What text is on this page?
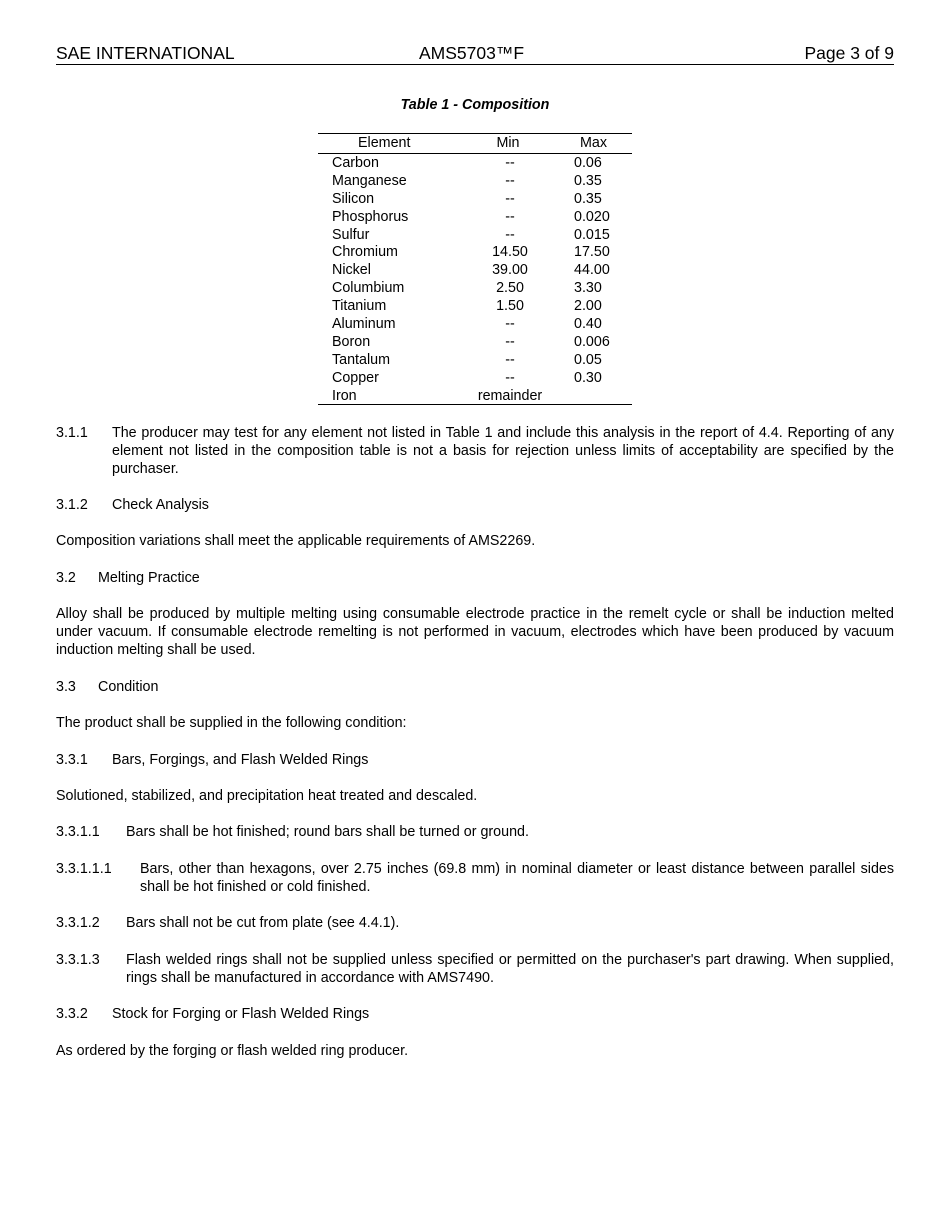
SAE INTERNATIONAL	AMS5703™F	Page 3 of 9
Table 1 - Composition
Element	Min	Max
Carbon	--	0.06
Manganese	--	0.35
Silicon	--	0.35
Phosphorus	--	0.020
Sulfur	--	0.015
Chromium	14.50	17.50
Nickel	39.00	44.00
Columbium	2.50	3.30
Titanium	1.50	2.00
Aluminum	--	0.40
Boron	--	0.006
Tantalum	--	0.05
Copper	--	0.30
Iron	remainder
3.1.1 The producer may test for any element not listed in Table 1 and include this analysis in the report of 4.4. Reporting of any element not listed in the composition table is not a basis for rejection unless limits of acceptability are specified by the purchaser.
3.1.2 Check Analysis
Composition variations shall meet the applicable requirements of AMS2269.
3.2 Melting Practice
Alloy shall be produced by multiple melting using consumable electrode practice in the remelt cycle or shall be induction melted under vacuum. If consumable electrode remelting is not performed in vacuum, electrodes which have been produced by vacuum induction melting shall be used.
3.3 Condition
The product shall be supplied in the following condition:
3.3.1 Bars, Forgings, and Flash Welded Rings
Solutioned, stabilized, and precipitation heat treated and descaled.
3.3.1.1 Bars shall be hot finished; round bars shall be turned or ground.
3.3.1.1.1 Bars, other than hexagons, over 2.75 inches (69.8 mm) in nominal diameter or least distance between parallel sides shall be hot finished or cold finished.
3.3.1.2 Bars shall not be cut from plate (see 4.4.1).
3.3.1.3 Flash welded rings shall not be supplied unless specified or permitted on the purchaser's part drawing. When supplied, rings shall be manufactured in accordance with AMS7490.
3.3.2 Stock for Forging or Flash Welded Rings
As ordered by the forging or flash welded ring producer.
